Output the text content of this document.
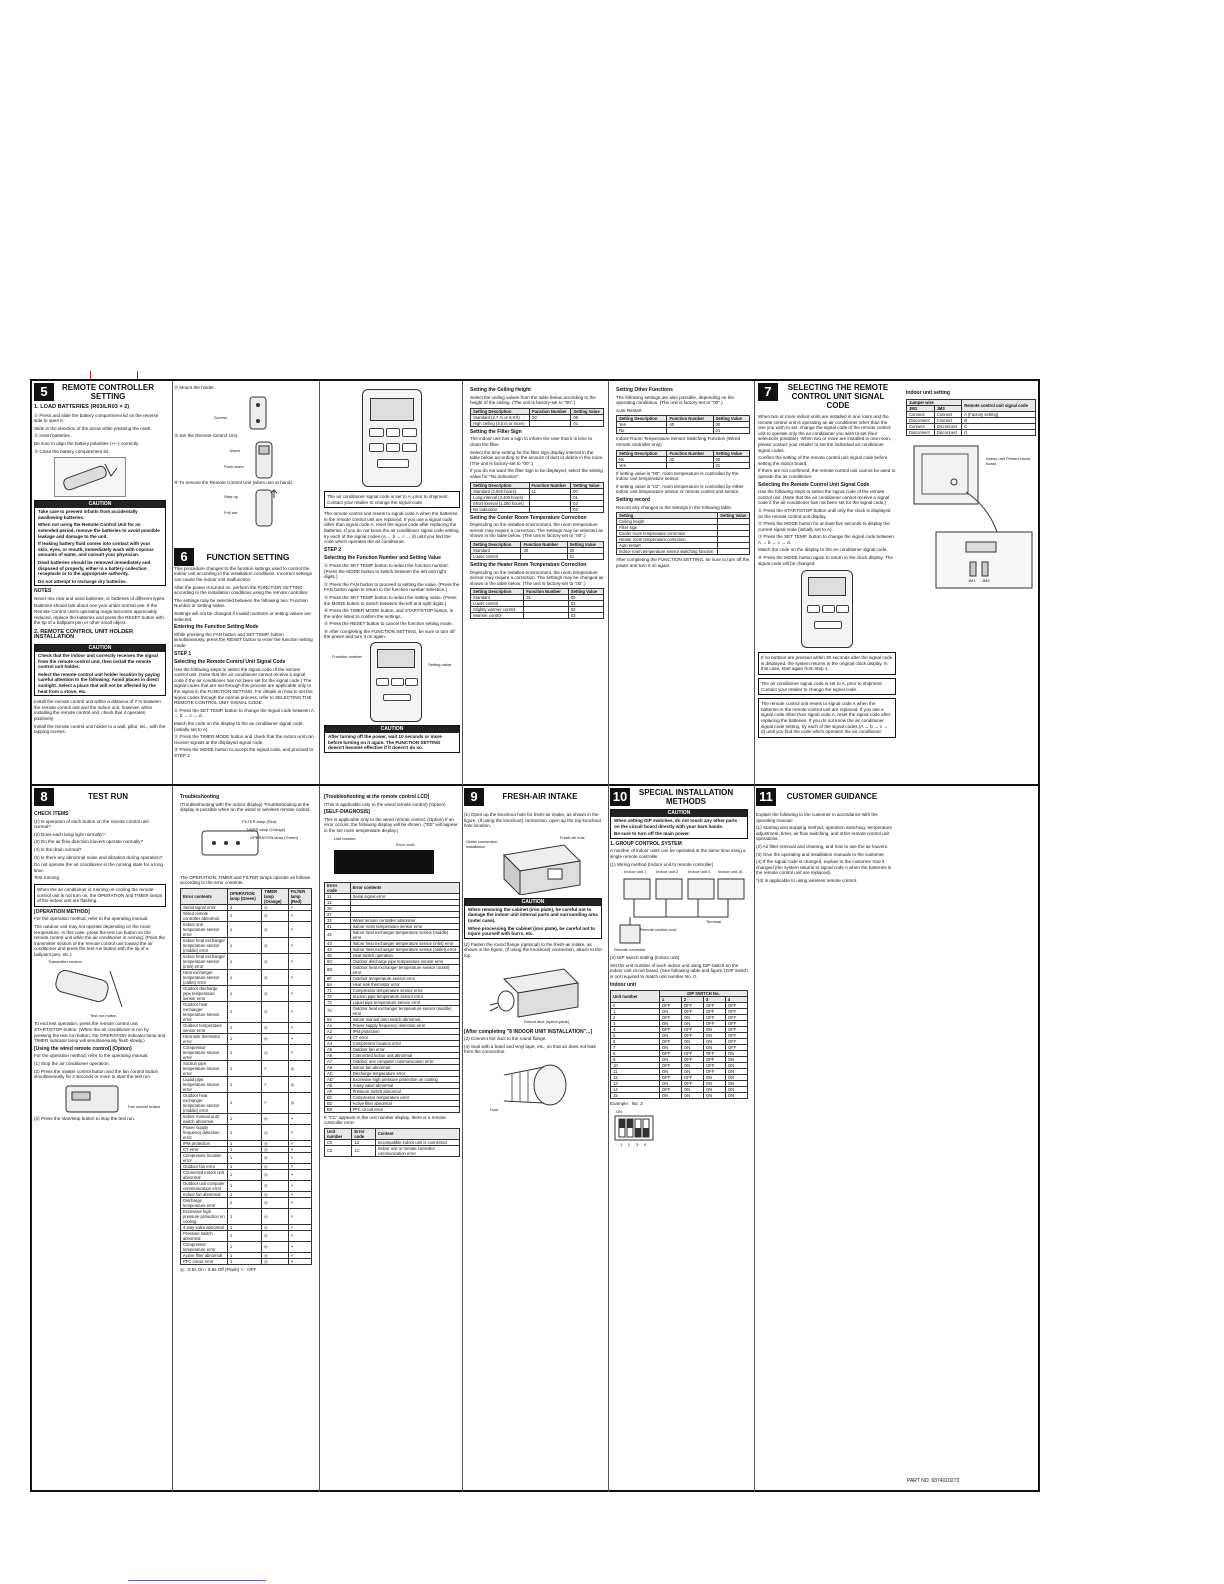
5 REMOTE CONTROLLER SETTING
1. LOAD BATTERIES (R03/LR03 × 2)
① Press and slide the battery compartment lid on the reverse side to open it.
Slide in the direction of the arrow while pressing the mark.
② Insert batteries.
Be sure to align the battery polarities (+/−) correctly.
③ Close the battery compartment lid.
CAUTION
Take care to prevent infants from accidentally swallowing batteries.
When not using the Remote Control Unit for an extended period, remove the batteries to avoid possible leakage and damage to the unit.
If leaking battery fluid comes into contact with your skin, eyes, or mouth, immediately wash with copious amounts of water, and consult your physician.
Dead batteries should be removed immediately and disposed of properly, either in a battery collection receptacle or to the appropriate authority.
Do not attempt to recharge dry batteries.
NOTES
Never mix new and used batteries, or batteries of different types.
Batteries should last about one year under normal use. If the Remote Control Unit's operating range becomes appreciably reduced, replace the batteries and press the RESET button with the tip of a ballpoint pen or other small object.
2. REMOTE CONTROL UNIT HOLDER INSTALLATION
CAUTION
Check that the indoor unit correctly receives the signal from the remote control unit, then install the remote control unit holder.
Select the remote control unit holder location by paying careful attention to the following: Avoid places in direct sunlight. Select a place that will not be affected by the heat from a stove, etc.
Install the remote control unit within a distance of 7 m between the remote control unit and the indoor unit, however, when installing the remote control unit, check that it operates positively.
Install the remote control unit holder to a wall, pillar, etc., with the tapping screws.
② Mount the holder.
Screws
③ Set the Remote Control Unit.
Insert
Push down
④ To remove the Remote Control Unit (when use at hand).
Step up
Pull out
6 FUNCTION SETTING
This procedure changes to the function settings used to control the indoor unit according to the installation conditions. Incorrect settings can cause the indoor unit malfunction.
After the power is turned on, perform the FUNCTION SETTING according to the installation conditions using the remote controller.
The settings may be selected between the following two: Function Number or Setting Value.
Settings will not be changed if invalid numbers or setting values are selected.
Entering the Function Setting Mode
While pressing the FAN button and SET TEMP. button simultaneously, press the RESET button to enter the function setting mode.
STEP 1
Selecting the Remote Control Unit Signal Code
Use the following steps to select the signal code of the remote control unit. (Note that the air conditioner cannot receive a signal code if the air conditioner has not been set for the signal code.) The signal codes that are set through this process are applicable only to the signal in the FUNCTION SETTING. For details on how to set the signal codes through the normal process, refer to SELECTING THE REMOTE CONTROL UNIT SIGNAL CODE.
① Press the SET TEMP. button to change the signal code between A → b → c → d.
Match the code on the display to the air conditioner signal code. (initially set to A)
② Press the TIMER MODE button and check that the indoor unit can receive signals at the displayed signal code.
③ Press the MODE button to accept the signal code, and proceed to STEP 2.
The air conditioner signal code is set to A, prior to shipment. Contact your retailer to change the signal code.
The remote control unit resets to signal code A when the batteries in the remote control unit are replaced. If you use a signal code other than signal code A, reset the signal code after replacing the batteries. If you do not know the air conditioner signal code setting, try each of the signal codes (A → b → c → d) until you find the code which operates the air conditioner.
STEP 2
Selecting the Function Number and Setting Value
① Press the SET TEMP. button to select the function number. (Press the MODE button to switch between the left and right digits.)
② Press the FAN button to proceed to setting the value. (Press the FAN button again to return to the function number selection.)
③ Press the SET TEMP. button to select the setting value. (Press the MODE button to switch between the left and right digits.)
④ Press the TIMER MODE button, and START/STOP button, in the order listed to confirm the settings.
⑤ Press the RESET button to cancel the function setting mode.
⑥ After completing the FUNCTION SETTING, be sure to turn off the power and turn it on again.
Function number
Setting value
CAUTION
After turning off the power, wait 10 seconds or more before turning on it again. The FUNCTION SETTING doesn't become effective if it doesn't do so.
Setting the Ceiling Height
Select the ceiling values from the table below according to the height of the ceiling. (The unit is factory-set to "00".)
Setting Description	Function Number	Setting Value
Standard (2.7 m or 8.9 ft)	20	00
High ceiling (3.0 m or more)		01
Setting the Filter Sign
The indoor unit has a sign to inform the user that it is time to clean the filter.
Select the time setting for the filter sign display interval in the table below according to the amount of dust or debris in the room. (The unit is factory-set to "00".)
If you do not want the filter sign to be displayed, select the setting value for "No indication".
Setting Description	Function Number	Setting Value
Standard (2,500 hours)	11	00
Long interval (4,400 hours)		01
Short interval (1,250 hours)		02
No indication		03
Setting the Cooler Room Temperature Correction
Depending on the installed environment, the room temperature sensor may require a correction. The settings may be selected as shown in the table below. (The unit is factory-set to "00".)
Setting Description	Function Number	Setting Value
Standard	30	00
Lower control		01
Setting the Heater Room Temperature Correction
Depending on the installed environment, the room temperature sensor may require a correction. The settings may be changed as shown in the table below. (The unit is factory-set to "00".)
Setting Description	Function Number	Setting Value
Standard	31	00
Lower control		01
Slightly warmer control		02
Warmer control		03
Setting Other Functions
The following settings are also possible, depending on the operating conditions. (The unit is factory-set to "00".)
Auto Restart
Setting Description	Function Number	Setting Value
Yes	40	00
No		01
Indoor Room Temperature Sensor Switching Function (Wired remote controller only)
Setting Description	Function Number	Setting Value
No	42	00
Yes		01
If setting value is "00", room temperature is controlled by the indoor unit temperature sensor.
If setting value is "01", room temperature is controlled by either indoor unit temperature sensor or remote control unit sensor.
Setting record
Record any changes to the settings in the following table.
Setting	Setting Value
Ceiling height	
Filter sign	
Cooler room temperature correction	
Heater room temperature correction	
Auto restart	
Indoor room temperature sensor switching function	
After completing the FUNCTION SETTING, be sure to turn off the power and turn it on again.
7 SELECTING THE REMOTE CONTROL UNIT SIGNAL CODE
When two or more indoor units are installed in one room and the remote control unit is operating an air conditioner other than the one you wish to set, change the signal code of the remote control unit to operate only the air conditioner you wish to set (four selections possible). When two or more are installed in one room, please contact your retailer to set the individual air conditioner signal codes.
Confirm the setting of the remote control unit signal code before setting the indoor board.
If there are not confirmed, the remote control unit cannot be used to operate the air conditioner.
Selecting the Remote Control Unit Signal Code
Use the following steps to select the signal code of the remote control unit. (Note that the air conditioner cannot receive a signal code if the air conditioner has not been set for the signal code.)
① Press the START/STOP button until only the clock is displayed on the remote control unit display.
② Press the MODE button for at least five seconds to display the current signal code (initially set to A).
③ Press the SET TEMP. button to change the signal code between A → b → c → d.
Match the code on the display to the air conditioner signal code.
④ Press the MODE button again to return to the clock display. The signal code will be changed.
If no buttons are pressed within 30 seconds after the signal code is displayed, the system returns to the original clock display. In this case, start again from step 1.
The air conditioner signal code is set to A, prior to shipment. Contact your retailer to change the signal code.
The remote control unit resets to signal code A when the batteries in the remote control unit are replaced. If you use a signal code other than signal code A, reset the signal code after replacing the batteries. If you do not know the air conditioner signal code setting, try each of the signal codes (A → b → c → d) until you find the code which operates the air conditioner.
Indoor unit setting
Jumper wire		Remote control unit signal code
JM1	JM3	
Connect	Connect	A (Factory setting)
Disconnect	Connect	B
Connect	Disconnect	C
Disconnect	Disconnect	D
Indoor unit Printed circuit board
JM1 JM3
8	TEST RUN
CHECK ITEMS
(1) Is operation of each button on the remote control unit normal?
(2) Does each lamp light normally?
(3) Do the air flow direction louvers operate normally?
(4) Is the drain normal?
(5) Is there any abnormal noise and vibration during operation?
Do not operate the air conditioner in the running state for a long time.
Test running
When the air conditioner is running on cooling the remote control unit is not turn on, the OPERATION and TIMER lamps of the indoor unit are flashing.
[OPERATION METHOD]
For the operation method, refer to the operating manual.
The outdoor unit may not operate depending on the room temperature. In this case, press the test run button on the remote control unit while the air conditioner is running. (Point the transmitter section of the remote control unit toward the air conditioner and press the test run button with the tip of a ballpoint pen, etc.)
Transmitter section
Test run button
To end test operation, press the remote control unit START/STOP button. (When the air conditioner is run by pressing the test run button, the OPERATION indicator lamp and TIMER indicator lamp will simultaneously flash slowly.)
[Using the wired remote control] (Option)
For the operation method, refer to the operating manual.
(1) Stop the air conditioner operation.
(2) Press the master control button and the fan control button simultaneously for 2 seconds or more to start the test run.
Fan control button
(3) Press the start/stop button to stop the test run.
Troubleshooting
(Troubleshooting with the indoor display) Troubleshooting at the display is possible when an the wired or wireless remote control.
FILTER lamp (Red)
TIMER lamp (Orange)
OPERATION lamp (Green)
The OPERATION, TIMER and FILTER lamps operate as follows according to the error contents.
Error contents	OPERATION lamp (Green)	TIMER lamp (Orange)	FILTER lamp (Red)
Serial signal error	4	◎	×
Wired remote controller abnormal	1	◎	×
Indoor unit temperature sensor error	1	◎	×
Indoor heat exchanger temperature sensor (middle) error	1	◎	×
Indoor heat exchanger temperature sensor (inlet) error	1	◎	×
Heat exchanger temperature sensor (outlet) error	1	◎	×
Outdoor discharge pipe temperature sensor error	1	◎	×
Outdoor heat exchanger temperature sensor error	1	◎	×
Outdoor temperature sensor error	1	◎	×
Heat sink thermistor error	1	◎	×
Compressor temperature sensor error	1	◎	×
Suction pipe temperature sensor error	1	×	◎
Liquid pipe temperature sensor error	1	×	◎
Outdoor heat exchanger temperature sensor (middle) error	1	×	◎
Indoor manual auto switch abnormal	1	◎	×
Power supply frequency detection error	1	◎	×
IPM protection	1	◎	×
CT error	1	◎	×
Compressor location error	1	◎	×
Outdoor fan error	1	◎	×
Connected indoor unit abnormal	1	◎	×
Outdoor unit computer communication error	1	◎	×
Indoor fan abnormal	1	◎	×
Discharge temperature error	1	◎	×
Excessive high pressure protection on cooling	1	◎	×
4-way valve abnormal	1	◎	×
Pressure switch abnormal	1	◎	×
Compressor temperature error	1	◎	×
Active filter abnormal	1	◎	×
PFC circuit error	1	◎	×
◎ : 0.5s On / 0.5s Off (Flash) × : OFF
[Troubleshooting at the remote control LCD]
(This is applicable only to the wired remote control) (Option)
[SELF-DIAGNOSIS]
This is applicable only to the wired remote control. (Option) If an error occurs, the following display will be shown. ("EE" will appear in the set room temperature display.)
Unit number
Error code
Error code	Error contents
11	Serial signal error
12	
26	
27	
32	Wired remote controller abnormal
41	Indoor room temperature sensor error
42	Indoor heat exchanger temperature sensor (middle) error
43	Indoor heat exchanger temperature sensor (inlet) error
44	Indoor heat exchanger temperature sensor (outlet) error
45	Heat switch operation
6C	Outdoor discharge pipe temperature sensor error
6D	Outdoor heat exchanger temperature sensor (outlet) error
6F	Outdoor temperature sensor error
6A	Heat sink thermistor error
71	Compressor temperature sensor error
72	Suction pipe temperature sensor error
73	Liquid pipe temperature sensor error
74	Outdoor heat exchanger temperature sensor (middle) error
84	Indoor manual auto switch abnormal
A1	Power supply frequency detection error
A2	IPM protection
A3	CT error
A4	Compressor location error
A5	Outdoor fan error
A6	Connected indoor unit abnormal
A7	Outdoor unit computer communication error
A9	Indoor fan abnormal
AC	Discharge temperature error
AD	Excessive high pressure protection on cooling
AE	4-way valve abnormal
AF	Pressure switch abnormal
B1	Compressor temperature error
B2	Active filter abnormal
B3	PFC circuit error
If "CC" appears in the unit number display, there is a remote controller error.
Unit number	Error code	Content
C0	1d	Incompatible indoor unit is connected
C0	1C	Indoor unit or remote controller communication error
9	FRESH-AIR INTAKE
(1) Open up the knockout hole for fresh-air intake, as shown in the figure, (If using the knockout) connection, open up the top knockout hole location.
Outlet connection installation
Fresh-air hole
CAUTION
When removing the cabinet (iron plate), be careful not to damage the indoor unit internal parts and surrounding area (outer case).
When processing the cabinet (iron plate), be careful not to injure yourself with burrs, etc.
(2) Fasten the round flange (optional) to the fresh-air intake, as shown in the figure, (If using the knockout) connection, attach to the top.
Round duct (option parts)
[After completing "8 INDOOR UNIT INSTALLATION"...]
(3) Connect the duct to the round flange.
(4) Seal with a band and vinyl tape, etc., so that air does not leak from the connection.
Duct
10 SPECIAL INSTALLATION METHODS
CAUTION
When setting DIP switches, do not touch any other parts on the circuit board directly with your bare hands.
Be sure to turn off the main power.
1. GROUP CONTROL SYSTEM
A number of indoor units can be operated at the same time using a single remote controller.
(1) Wiring method (Indoor unit to remote controller)
Indoor unit 1 Indoor unit 2 Indoor unit 3 Indoor unit 16
Remote control cord
Remote controller
Terminal
(2) DIP switch setting (Indoor unit)
Set the unit number of each indoor unit using DIP switch on the indoor unit circuit board. (See following table and figure.) DIP switch is not required to match unit number No. 0.
Indoor unit
Unit number	DIP SWITCH No.			
	1	2	3	4
0	OFF	OFF	OFF	OFF
1	ON	OFF	OFF	OFF
2	OFF	ON	OFF	OFF
3	ON	ON	OFF	OFF
4	OFF	OFF	ON	OFF
5	ON	OFF	ON	OFF
6	OFF	ON	ON	OFF
7	ON	ON	ON	OFF
8	OFF	OFF	OFF	ON
9	ON	OFF	OFF	ON
10	OFF	ON	OFF	ON
11	ON	ON	OFF	ON
12	OFF	OFF	ON	ON
13	ON	OFF	ON	ON
14	OFF	ON	ON	ON
15	ON	ON	ON	ON
Example : No. 3
ON
1 2 3 4
11 CUSTOMER GUIDANCE
Explain the following to the customer in accordance with the operating manual:
(1) Starting and stopping method, operation switching, temperature adjustment, timer, air flow switching, and other remote control unit operations.
(2) Air filter removal and cleaning, and how to use the air louvers.
(3) Give the operating and installation manuals to the customer.
(4) If the signal code is changed, explain to the customer how it changed (the system returns to signal code A when the batteries in the remote control unit are replaced).
*(4) is applicable to using wireless remote control.
PART NO. 9374010273
